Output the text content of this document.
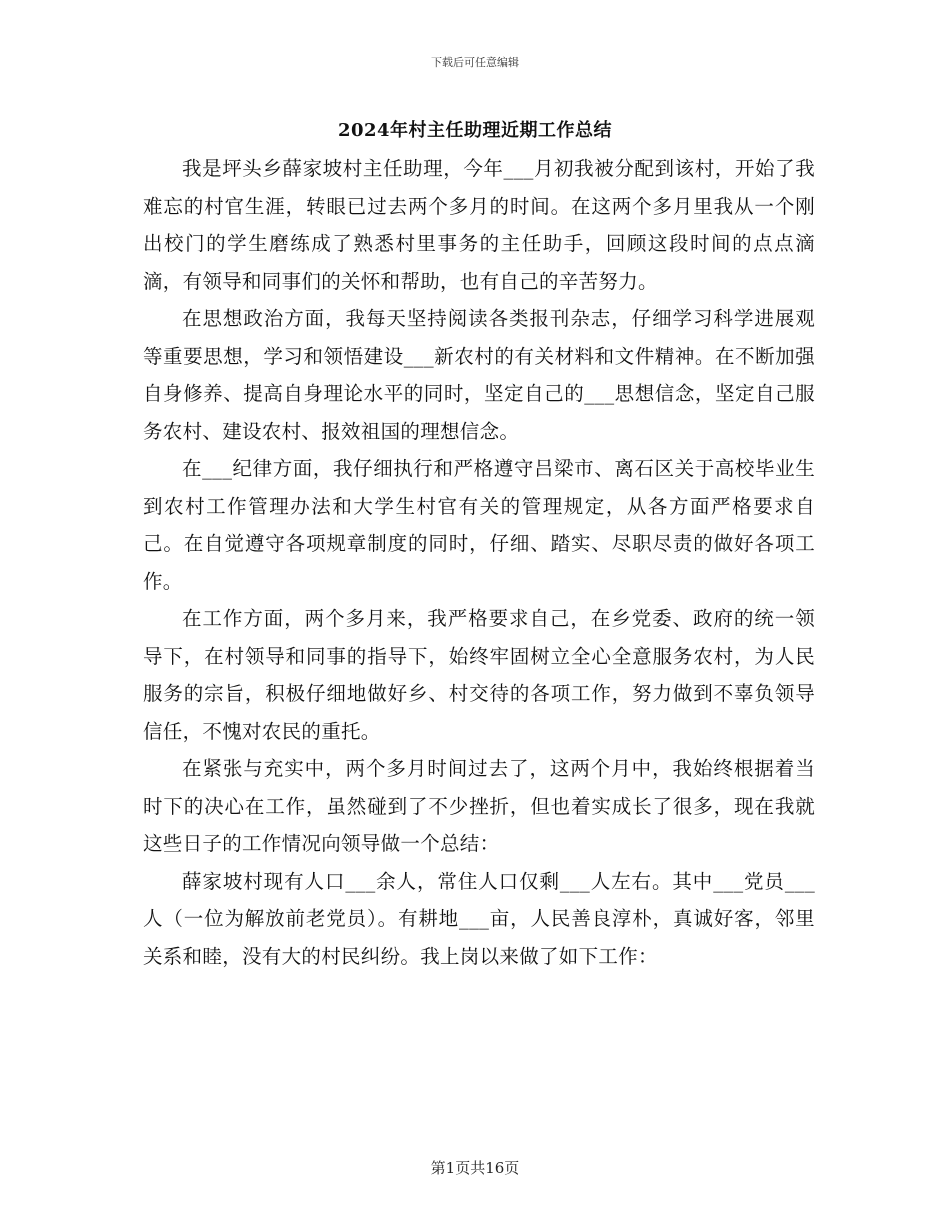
下载后可任意编辑
2024年村主任助理近期工作总结

我是坪头乡薛家坡村主任助理，今年___月初我被分配到该村，开始了我难忘的村官生涯，转眼已过去两个多月的时间。在这两个多月里我从一个刚出校门的学生磨练成了熟悉村里事务的主任助手，回顾这段时间的点点滴滴，有领导和同事们的关怀和帮助，也有自己的辛苦努力。

在思想政治方面，我每天坚持阅读各类报刊杂志，仔细学习科学进展观等重要思想，学习和领悟建设___新农村的有关材料和文件精神。在不断加强自身修养、提高自身理论水平的同时，坚定自己的___思想信念，坚定自己服务农村、建设农村、报效祖国的理想信念。

在___纪律方面，我仔细执行和严格遵守吕梁市、离石区关于高校毕业生到农村工作管理办法和大学生村官有关的管理规定，从各方面严格要求自己。在自觉遵守各项规章制度的同时，仔细、踏实、尽职尽责的做好各项工作。

在工作方面，两个多月来，我严格要求自己，在乡党委、政府的统一领导下，在村领导和同事的指导下，始终牢固树立全心全意服务农村，为人民服务的宗旨，积极仔细地做好乡、村交待的各项工作，努力做到不辜负领导信任，不愧对农民的重托。

在紧张与充实中，两个多月时间过去了，这两个月中，我始终根据着当时下的决心在工作，虽然碰到了不少挫折，但也着实成长了很多，现在我就这些日子的工作情况向领导做一个总结：

薛家坡村现有人口___余人，常住人口仅剩___人左右。其中___党员___人（一位为解放前老党员）。有耕地___亩，人民善良淳朴，真诚好客，邻里关系和睦，没有大的村民纠纷。我上岗以来做了如下工作：

第1页共16页
